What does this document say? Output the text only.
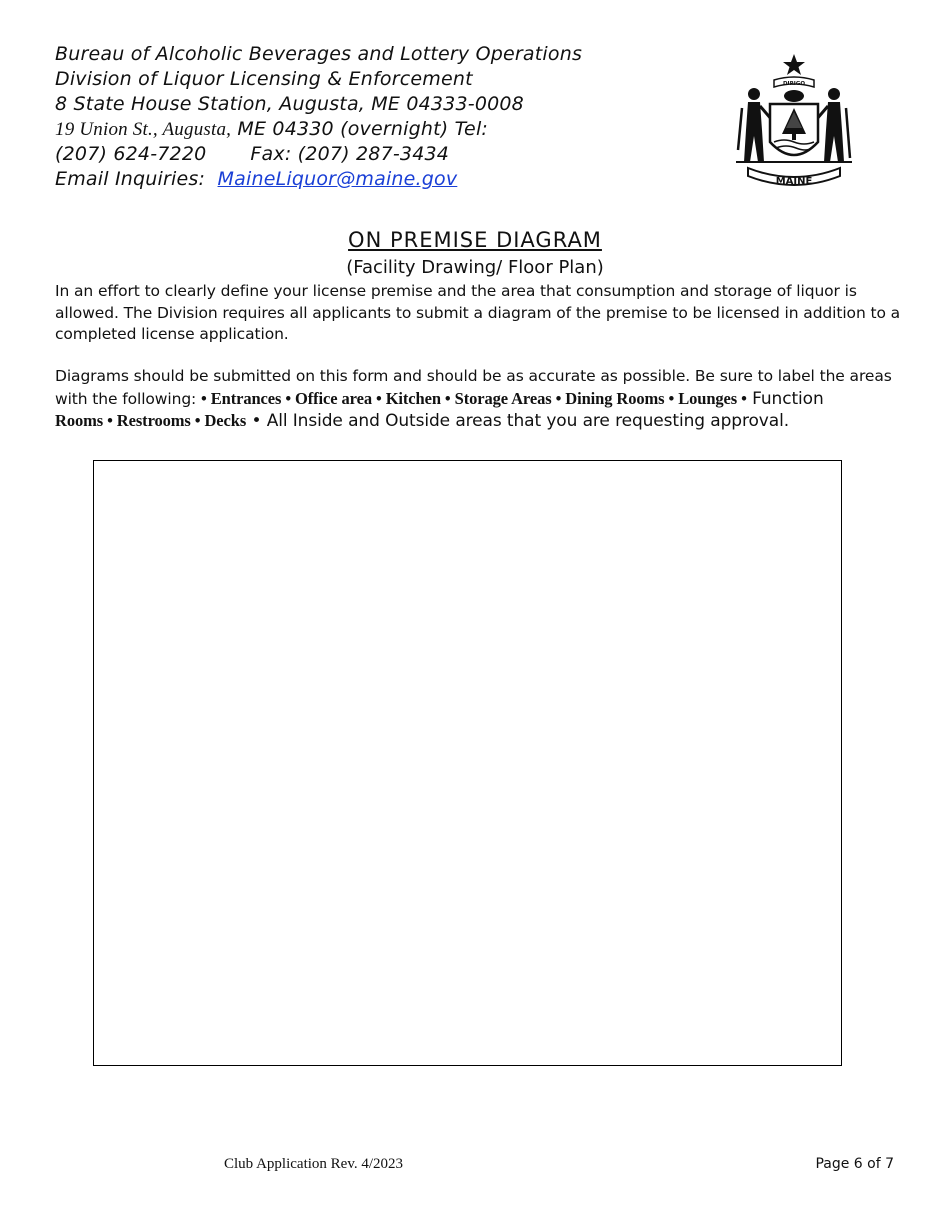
Bureau of Alcoholic Beverages and Lottery Operations
Division of Liquor Licensing & Enforcement
8 State House Station, Augusta, ME 04333-0008
19 Union St., Augusta, ME 04330 (overnight) Tel:
(207) 624-7220 Fax: (207) 287-3434
Email Inquiries: MaineLiquor@maine.gov
DIRIGO
MAINE
ON PREMISE DIAGRAM
(Facility Drawing/ Floor Plan)
In an effort to clearly define your license premise and the area that consumption and storage of liquor is allowed. The Division requires all applicants to submit a diagram of the premise to be licensed in addition to a completed license application.
Diagrams should be submitted on this form and should be as accurate as possible. Be sure to label the areas with the following: • Entrances • Office area • Kitchen • Storage Areas • Dining Rooms • Lounges • Function
Rooms • Restrooms • Decks • All Inside and Outside areas that you are requesting approval.
Club Application Rev. 4/2023	Page 6 of 7
